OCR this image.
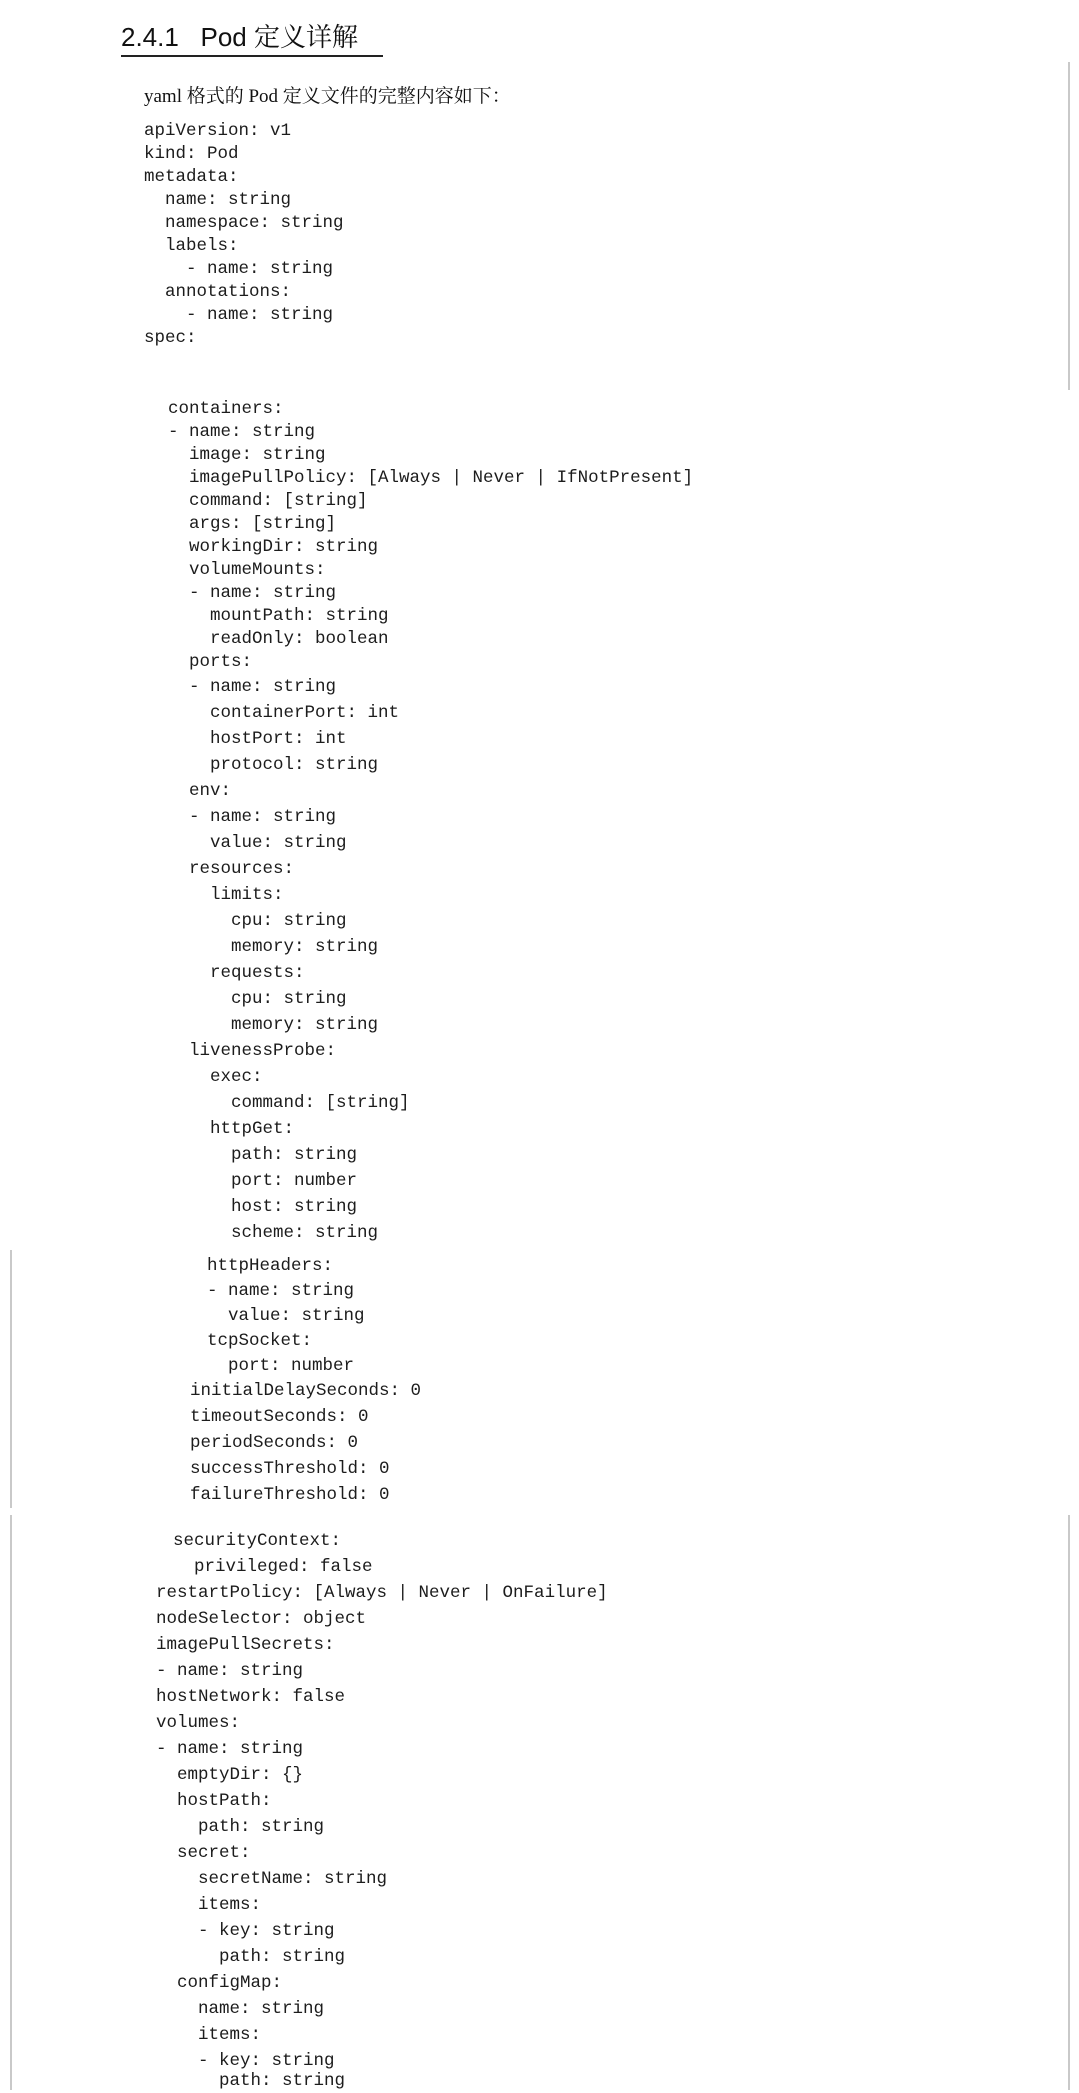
2.4.1   Pod 定义详解

yaml 格式的 Pod 定义文件的完整内容如下：

apiVersion: v1
kind: Pod
metadata:
name: string
namespace: string
labels:
- name: string
annotations:
- name: string
spec:
containers:
- name: string
image: string
imagePullPolicy: [Always | Never | IfNotPresent]
command: [string]
args: [string]
workingDir: string
volumeMounts:
- name: string
mountPath: string
readOnly: boolean
ports:
- name: string
containerPort: int
hostPort: int
protocol: string
env:
- name: string
value: string
resources:
limits:
cpu: string
memory: string
requests:
cpu: string
memory: string
livenessProbe:
exec:
command: [string]
httpGet:
path: string
port: number
host: string
scheme: string
httpHeaders:
- name: string
value: string
tcpSocket:
port: number
initialDelaySeconds: 0
timeoutSeconds: 0
periodSeconds: 0
successThreshold: 0
failureThreshold: 0
securityContext:
privileged: false
restartPolicy: [Always | Never | OnFailure]
nodeSelector: object
imagePullSecrets:
- name: string
hostNetwork: false
volumes:
- name: string
emptyDir: {}
hostPath:
path: string
secret:
secretName: string
items:
- key: string
path: string
configMap:
name: string
items:
- key: string
path: string
